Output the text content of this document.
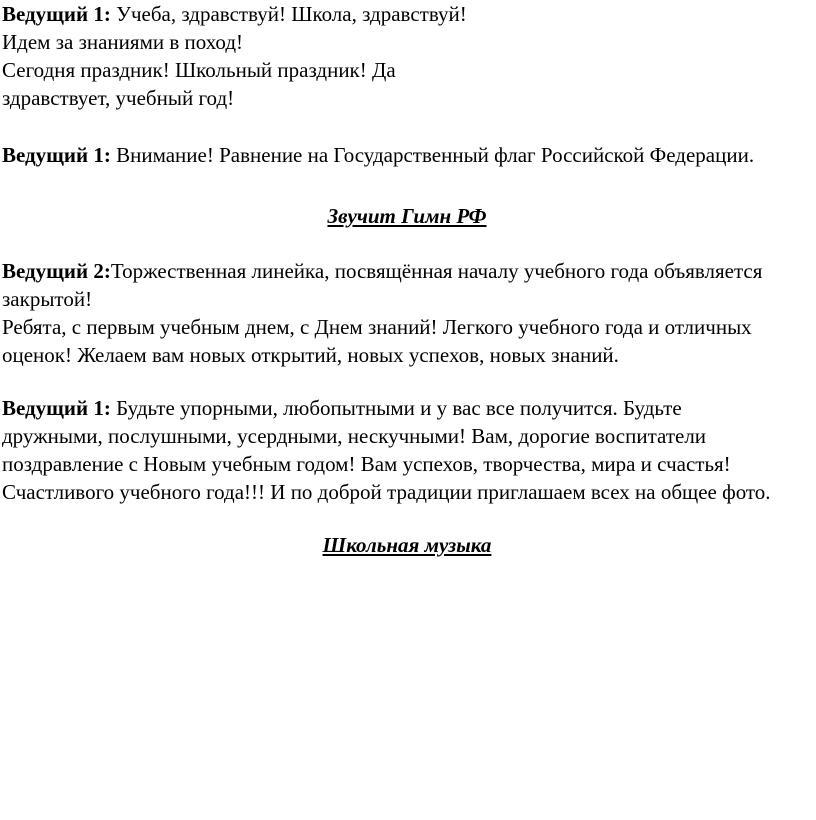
Ведущий 1: Учеба, здравствуй! Школа, здравствуй!
Идем за знаниями в поход!
Сегодня праздник! Школьный праздник! Да
здравствует, учебный год!
Ведущий 1: Внимание! Равнение на Государственный флаг Российской Федерации.
Звучит Гимн РФ
Ведущий 2:Торжественная линейка, посвящённая началу учебного года объявляется
закрытой!
Ребята, с первым учебным днем, с Днем знаний! Легкого учебного года и отличных
оценок! Желаем вам новых открытий, новых успехов, новых знаний.
Ведущий 1: Будьте упорными, любопытными и у вас все получится. Будьте
дружными, послушными, усердными, нескучными! Вам, дорогие воспитатели
поздравление с Новым учебным годом! Вам успехов, творчества, мира и счастья!
Счастливого учебного года!!! И по доброй традиции приглашаем всех на общее фото.
Школьная музыка
